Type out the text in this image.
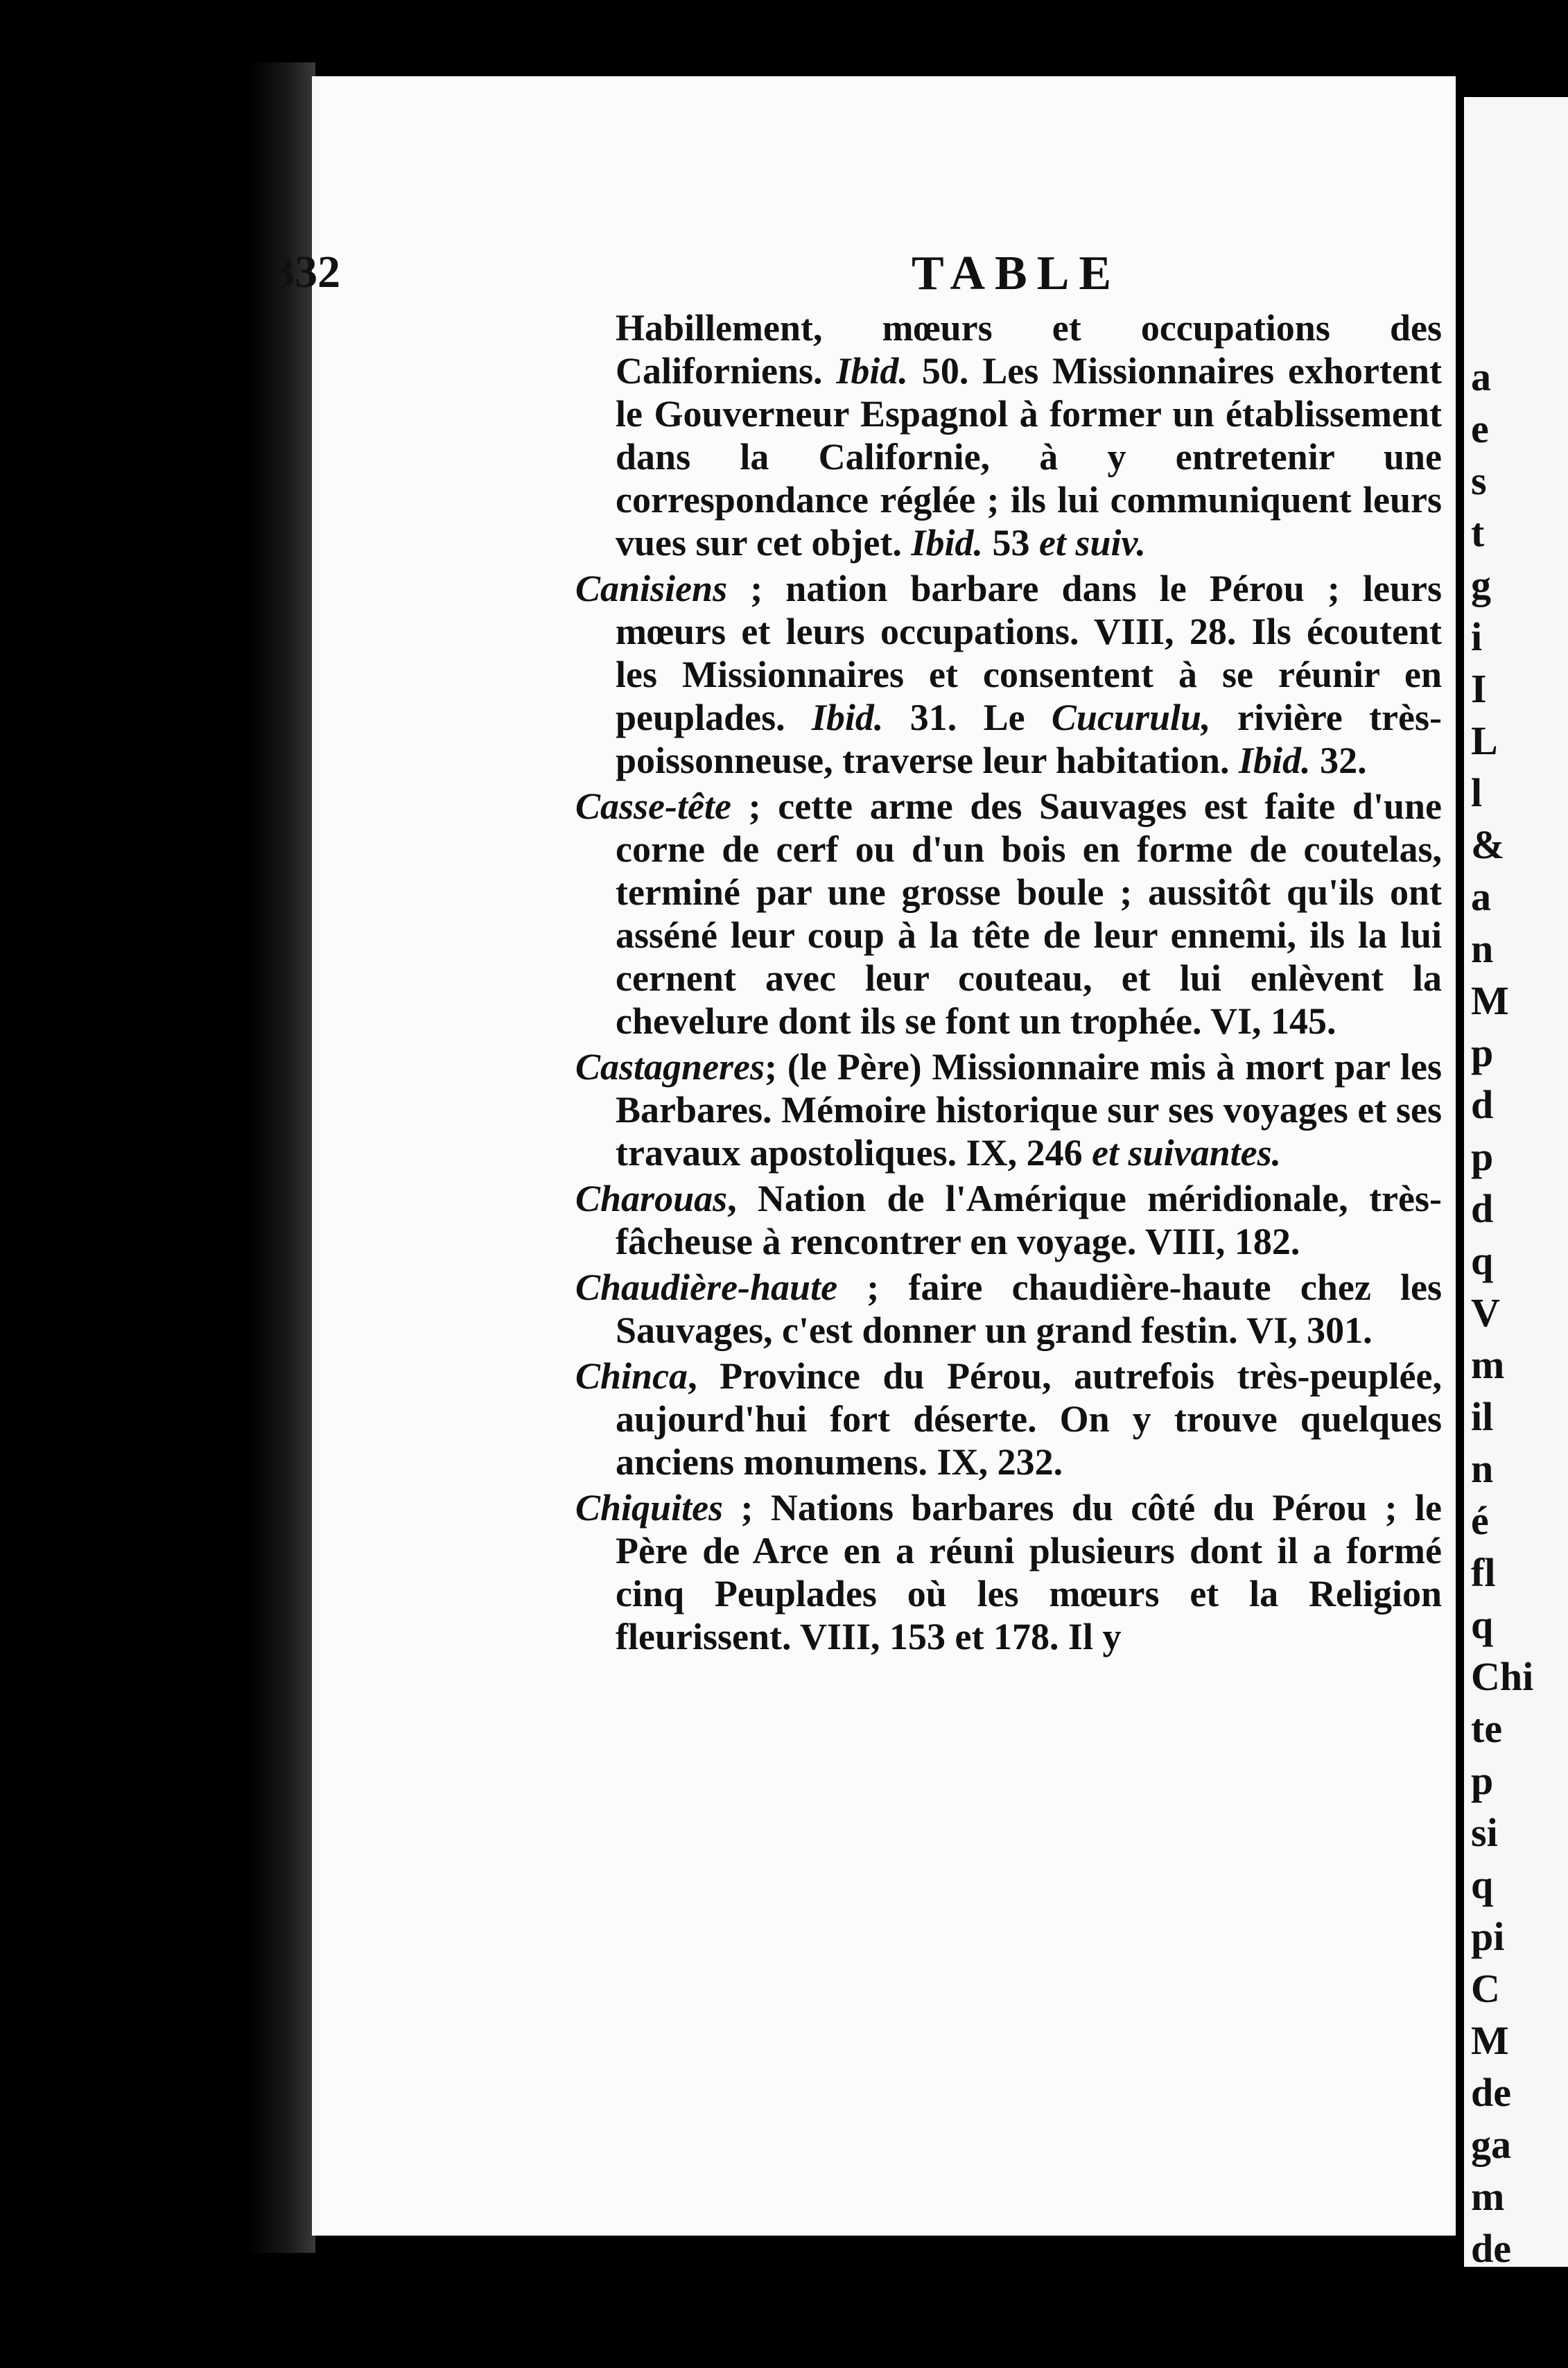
332	TABLE

Habillement, mœurs et occupations des Californiens. Ibid. 50. Les Missionnaires exhortent le Gouverneur Espagnol à former un établissement dans la Californie, à y entretenir une correspondance réglée ; ils lui communiquent leurs vues sur cet objet. Ibid. 53 et suiv.

Canisiens ; nation barbare dans le Pérou ; leurs mœurs et leurs occupations. VIII, 28. Ils écoutent les Missionnaires et consentent à se réunir en peuplades. Ibid. 31. Le Cucurulu, rivière très-poissonneuse, traverse leur habitation. Ibid. 32.

Casse-tête ; cette arme des Sauvages est faite d'une corne de cerf ou d'un bois en forme de coutelas, terminé par une grosse boule ; aussitôt qu'ils ont asséné leur coup à la tête de leur ennemi, ils la lui cernent avec leur couteau, et lui enlèvent la chevelure dont ils se font un trophée. VI, 145.

Castagneres; (le Père) Missionnaire mis à mort par les Barbares. Mémoire historique sur ses voyages et ses travaux apostoliques. IX, 246 et suivantes.

Charouas, Nation de l'Amérique méridionale, très-fâcheuse à rencontrer en voyage. VIII, 182.

Chaudière-haute ; faire chaudière-haute chez les Sauvages, c'est donner un grand festin. VI, 301.

Chinca, Province du Pérou, autrefois très-peuplée, aujourd'hui fort déserte. On y trouve quelques anciens monumens. IX, 232.

Chiquites ; Nations barbares du côté du Pérou ; le Père de Arce en a réuni plusieurs dont il a formé cinq Peuplades où les mœurs et la Religion fleurissent. VIII, 153 et 178. Il y

a
e
s
t
g
i
I
L
l
&
a
n
M
p
d
p
d
q
V
m
il
n
é
fl
q
Chi
te
p
si
q
pi
C
M
de
ga
m
de
